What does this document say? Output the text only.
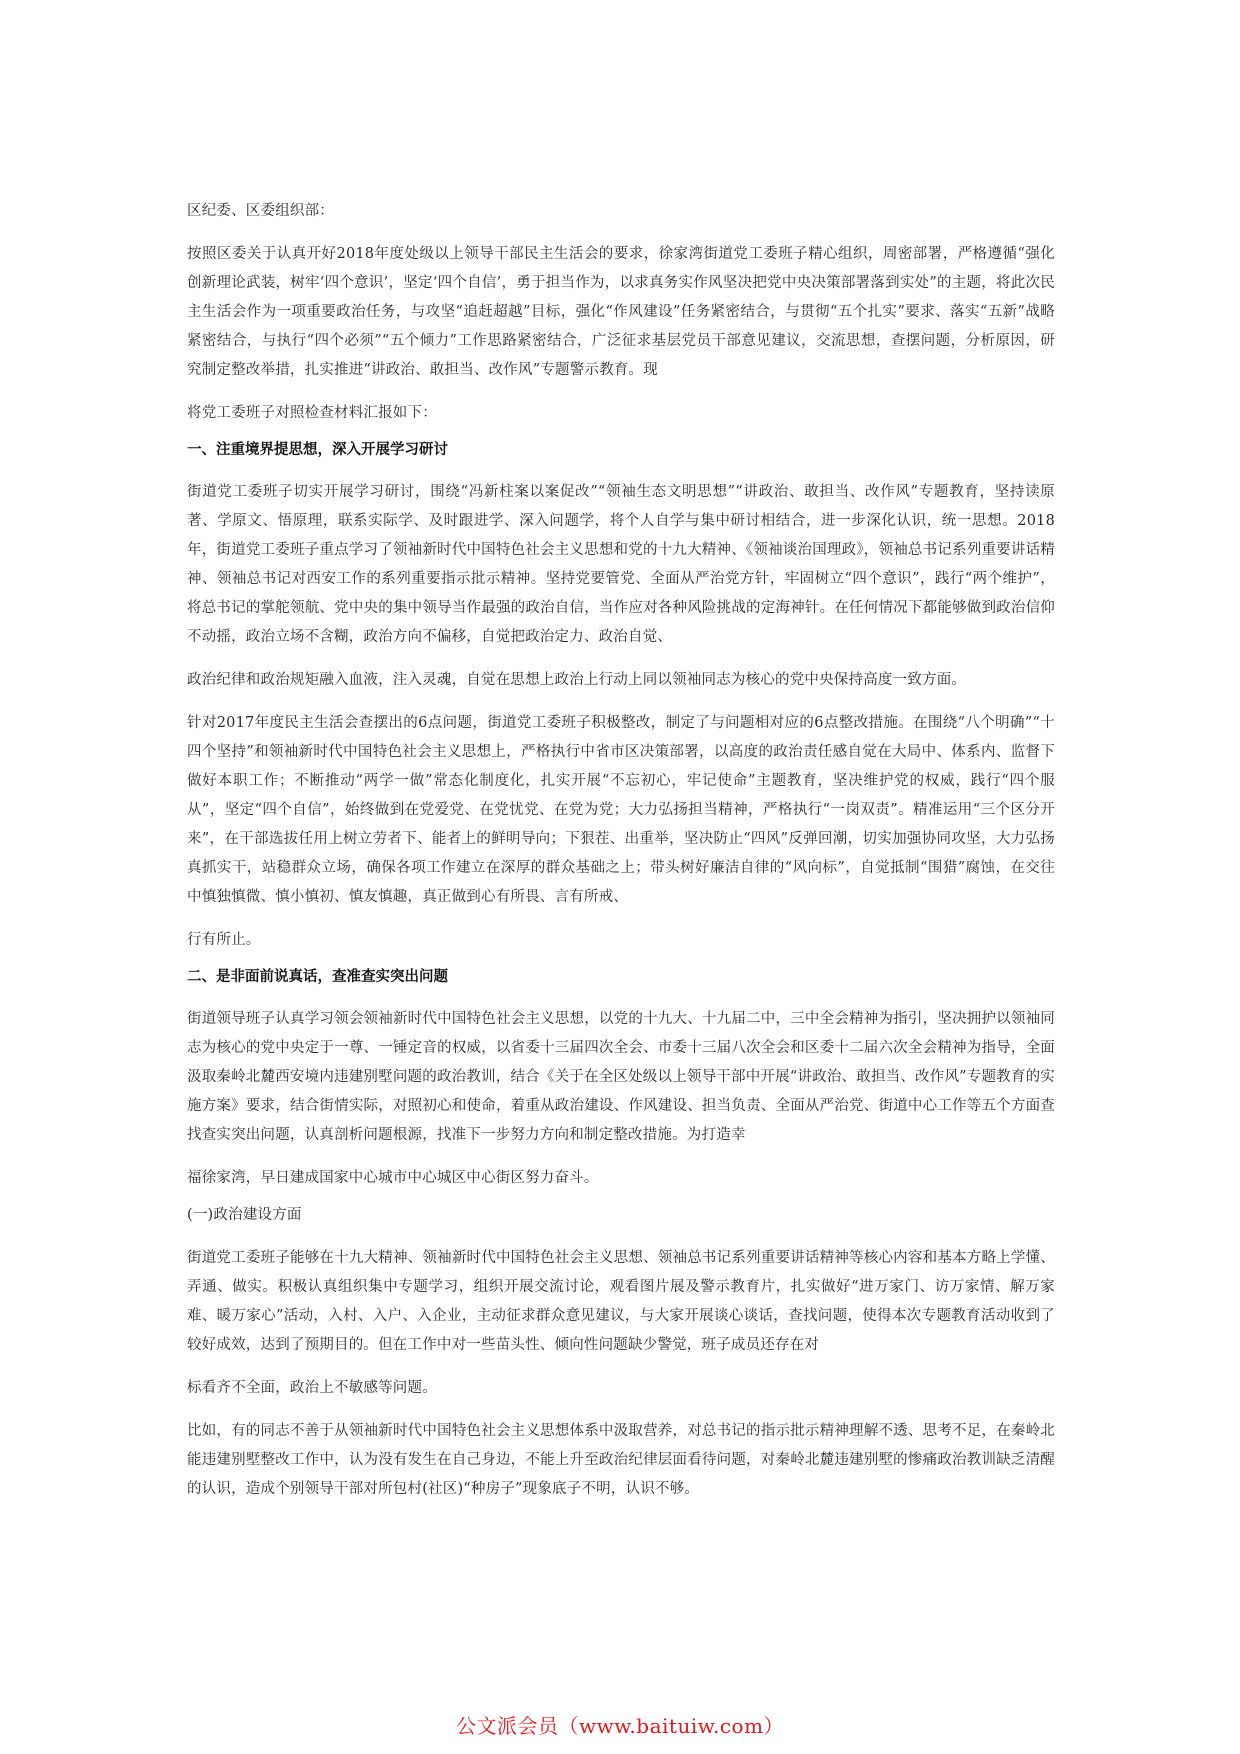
区纪委、区委组织部：

按照区委关于认真开好2018年度处级以上领导干部民主生活会的要求，徐家湾街道党工委班子精心组织，周密部署，严格遵循“强化创新理论武装，树牢‘四个意识’，坚定‘四个自信’，勇于担当作为，以求真务实作风坚决把党中央决策部署落到实处”的主题，将此次民主生活会作为一项重要政治任务，与攻坚“追赶超越”目标，强化“作风建设”任务紧密结合，与贯彻“五个扎实”要求、落实“五新”战略紧密结合，与执行“四个必须”“五个倾力”工作思路紧密结合，广泛征求基层党员干部意见建议，交流思想，查摆问题，分析原因，研究制定整改举措，扎实推进“讲政治、敢担当、改作风”专题警示教育。现

将党工委班子对照检查材料汇报如下：

一、注重境界提思想，深入开展学习研讨

街道党工委班子切实开展学习研讨，围绕“冯新柱案以案促改”“领袖生态文明思想”“讲政治、敢担当、改作风”专题教育，坚持读原著、学原文、悟原理，联系实际学、及时跟进学、深入问题学，将个人自学与集中研讨相结合，进一步深化认识，统一思想。2018年，街道党工委班子重点学习了领袖新时代中国特色社会主义思想和党的十九大精神、《领袖谈治国理政》，领袖总书记系列重要讲话精神、领袖总书记对西安工作的系列重要指示批示精神。坚持党要管党、全面从严治党方针，牢固树立“四个意识”，践行“两个维护”，将总书记的掌舵领航、党中央的集中领导当作最强的政治自信，当作应对各种风险挑战的定海神针。在任何情况下都能够做到政治信仰不动摇，政治立场不含糊，政治方向不偏移，自觉把政治定力、政治自觉、

政治纪律和政治规矩融入血液，注入灵魂，自觉在思想上政治上行动上同以领袖同志为核心的党中央保持高度一致方面。

针对2017年度民主生活会查摆出的6点问题，街道党工委班子积极整改，制定了与问题相对应的6点整改措施。在围绕“八个明确”“十四个坚持”和领袖新时代中国特色社会主义思想上，严格执行中省市区决策部署，以高度的政治责任感自觉在大局中、体系内、监督下做好本职工作；不断推动“两学一做”常态化制度化，扎实开展“不忘初心，牢记使命”主题教育，坚决维护党的权威，践行“四个服从”，坚定“四个自信”，始终做到在党爱党、在党忧党、在党为党；大力弘扬担当精神，严格执行“一岗双责”。精准运用“三个区分开来”，在干部选拔任用上树立劳者下、能者上的鲜明导向；下狠茬、出重举，坚决防止“四风”反弹回潮，切实加强协同攻坚，大力弘扬真抓实干，站稳群众立场，确保各项工作建立在深厚的群众基础之上；带头树好廉洁自律的“风向标”，自觉抵制“围猎”腐蚀，在交往中慎独慎微、慎小慎初、慎友慎趣，真正做到心有所畏、言有所戒、

行有所止。

二、是非面前说真话，查准查实突出问题

街道领导班子认真学习领会领袖新时代中国特色社会主义思想，以党的十九大、十九届二中，三中全会精神为指引，坚决拥护以领袖同志为核心的党中央定于一尊、一锤定音的权威，以省委十三届四次全会、市委十三届八次全会和区委十二届六次全会精神为指导，全面汲取秦岭北麓西安境内违建别墅问题的政治教训，结合《关于在全区处级以上领导干部中开展“讲政治、敢担当、改作风”专题教育的实施方案》要求，结合街情实际，对照初心和使命，着重从政治建设、作风建设、担当负责、全面从严治党、街道中心工作等五个方面查找查实突出问题，认真剖析问题根源，找准下一步努力方向和制定整改措施。为打造幸

福徐家湾，早日建成国家中心城市中心城区中心街区努力奋斗。

(一)政治建设方面

街道党工委班子能够在十九大精神、领袖新时代中国特色社会主义思想、领袖总书记系列重要讲话精神等核心内容和基本方略上学懂、弄通、做实。积极认真组织集中专题学习，组织开展交流讨论，观看图片展及警示教育片，扎实做好“进万家门、访万家情、解万家难、暖万家心”活动，入村、入户、入企业，主动征求群众意见建议，与大家开展谈心谈话，查找问题，使得本次专题教育活动收到了较好成效，达到了预期目的。但在工作中对一些苗头性、倾向性问题缺少警觉，班子成员还存在对

标看齐不全面，政治上不敏感等问题。

比如，有的同志不善于从领袖新时代中国特色社会主义思想体系中汲取营养，对总书记的指示批示精神理解不透、思考不足，在秦岭北能违建别墅整改工作中，认为没有发生在自己身边，不能上升至政治纪律层面看待问题，对秦岭北麓违建别墅的惨痛政治教训缺乏清醒的认识，造成个别领导干部对所包村(社区)“种房子”现象底子不明，认识不够。

公文派会员（www.baituiw.com）
